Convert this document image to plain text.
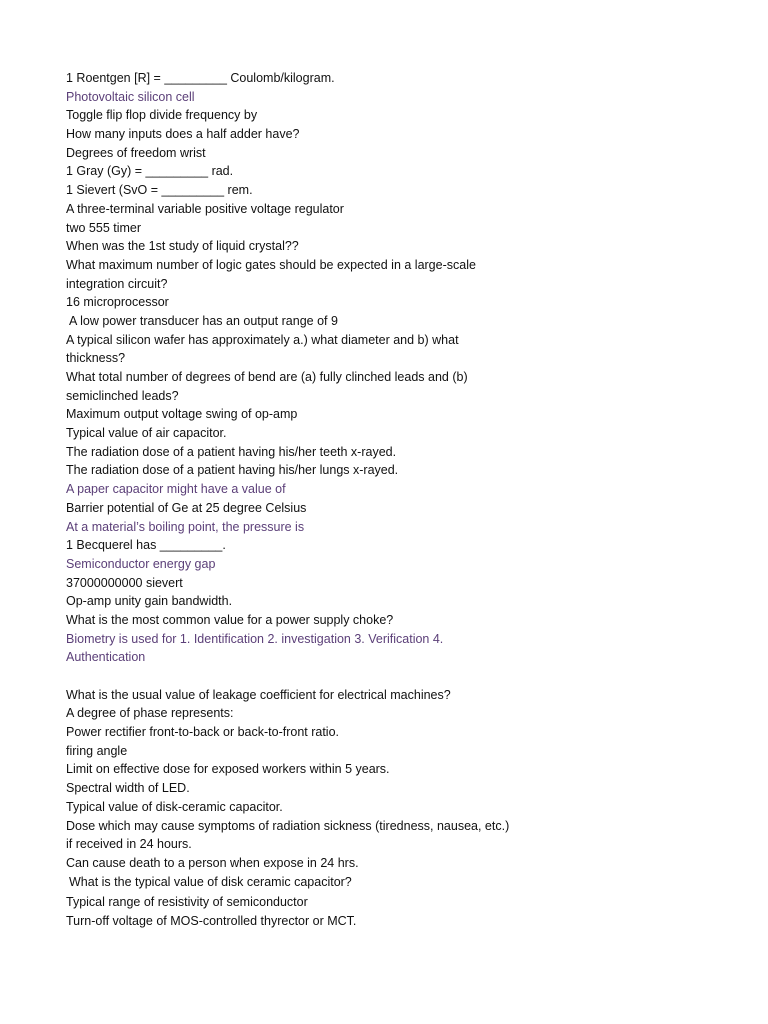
1 Roentgen [R] = _________ Coulomb/kilogram.
Photovoltaic silicon cell
Toggle flip flop divide frequency by
How many inputs does a half adder have?
Degrees of freedom wrist
1 Gray (Gy) = _________ rad.
1 Sievert (SvO = _________ rem.
A three-terminal variable positive voltage regulator
two 555 timer
When was the 1st study of liquid crystal??
What maximum number of logic gates should be expected in a large-scale
integration circuit?
16 microprocessor
A low power transducer has an output range of 9
A typical silicon wafer has approximately a.) what diameter and b) what
thickness?
What total number of degrees of bend are (a) fully clinched leads and (b)
semiclinched leads?
Maximum output voltage swing of op-amp
Typical value of air capacitor.
The radiation dose of a patient having his/her teeth x-rayed.
The radiation dose of a patient having his/her lungs x-rayed.
A paper capacitor might have a value of
Barrier potential of Ge at 25 degree Celsius
At a material’s boiling point, the pressure is
1 Becquerel has _________.
Semiconductor energy gap
37000000000 sievert
Op-amp unity gain bandwidth.
What is the most common value for a power supply choke?
Biometry is used for 1. Identification 2. investigation 3. Verification 4.
Authentication
What is the usual value of leakage coefficient for electrical machines?
A degree of phase represents:
Power rectifier front-to-back or back-to-front ratio.
firing angle
Limit on effective dose for exposed workers within 5 years.
Spectral width of LED.
Typical value of disk-ceramic capacitor.
Dose which may cause symptoms of radiation sickness (tiredness, nausea, etc.)
if received in 24 hours.
Can cause death to a person when expose in 24 hrs.
What is the typical value of disk ceramic capacitor?
Typical range of resistivity of semiconductor
Turn-off voltage of MOS-controlled thyrector or MCT.
